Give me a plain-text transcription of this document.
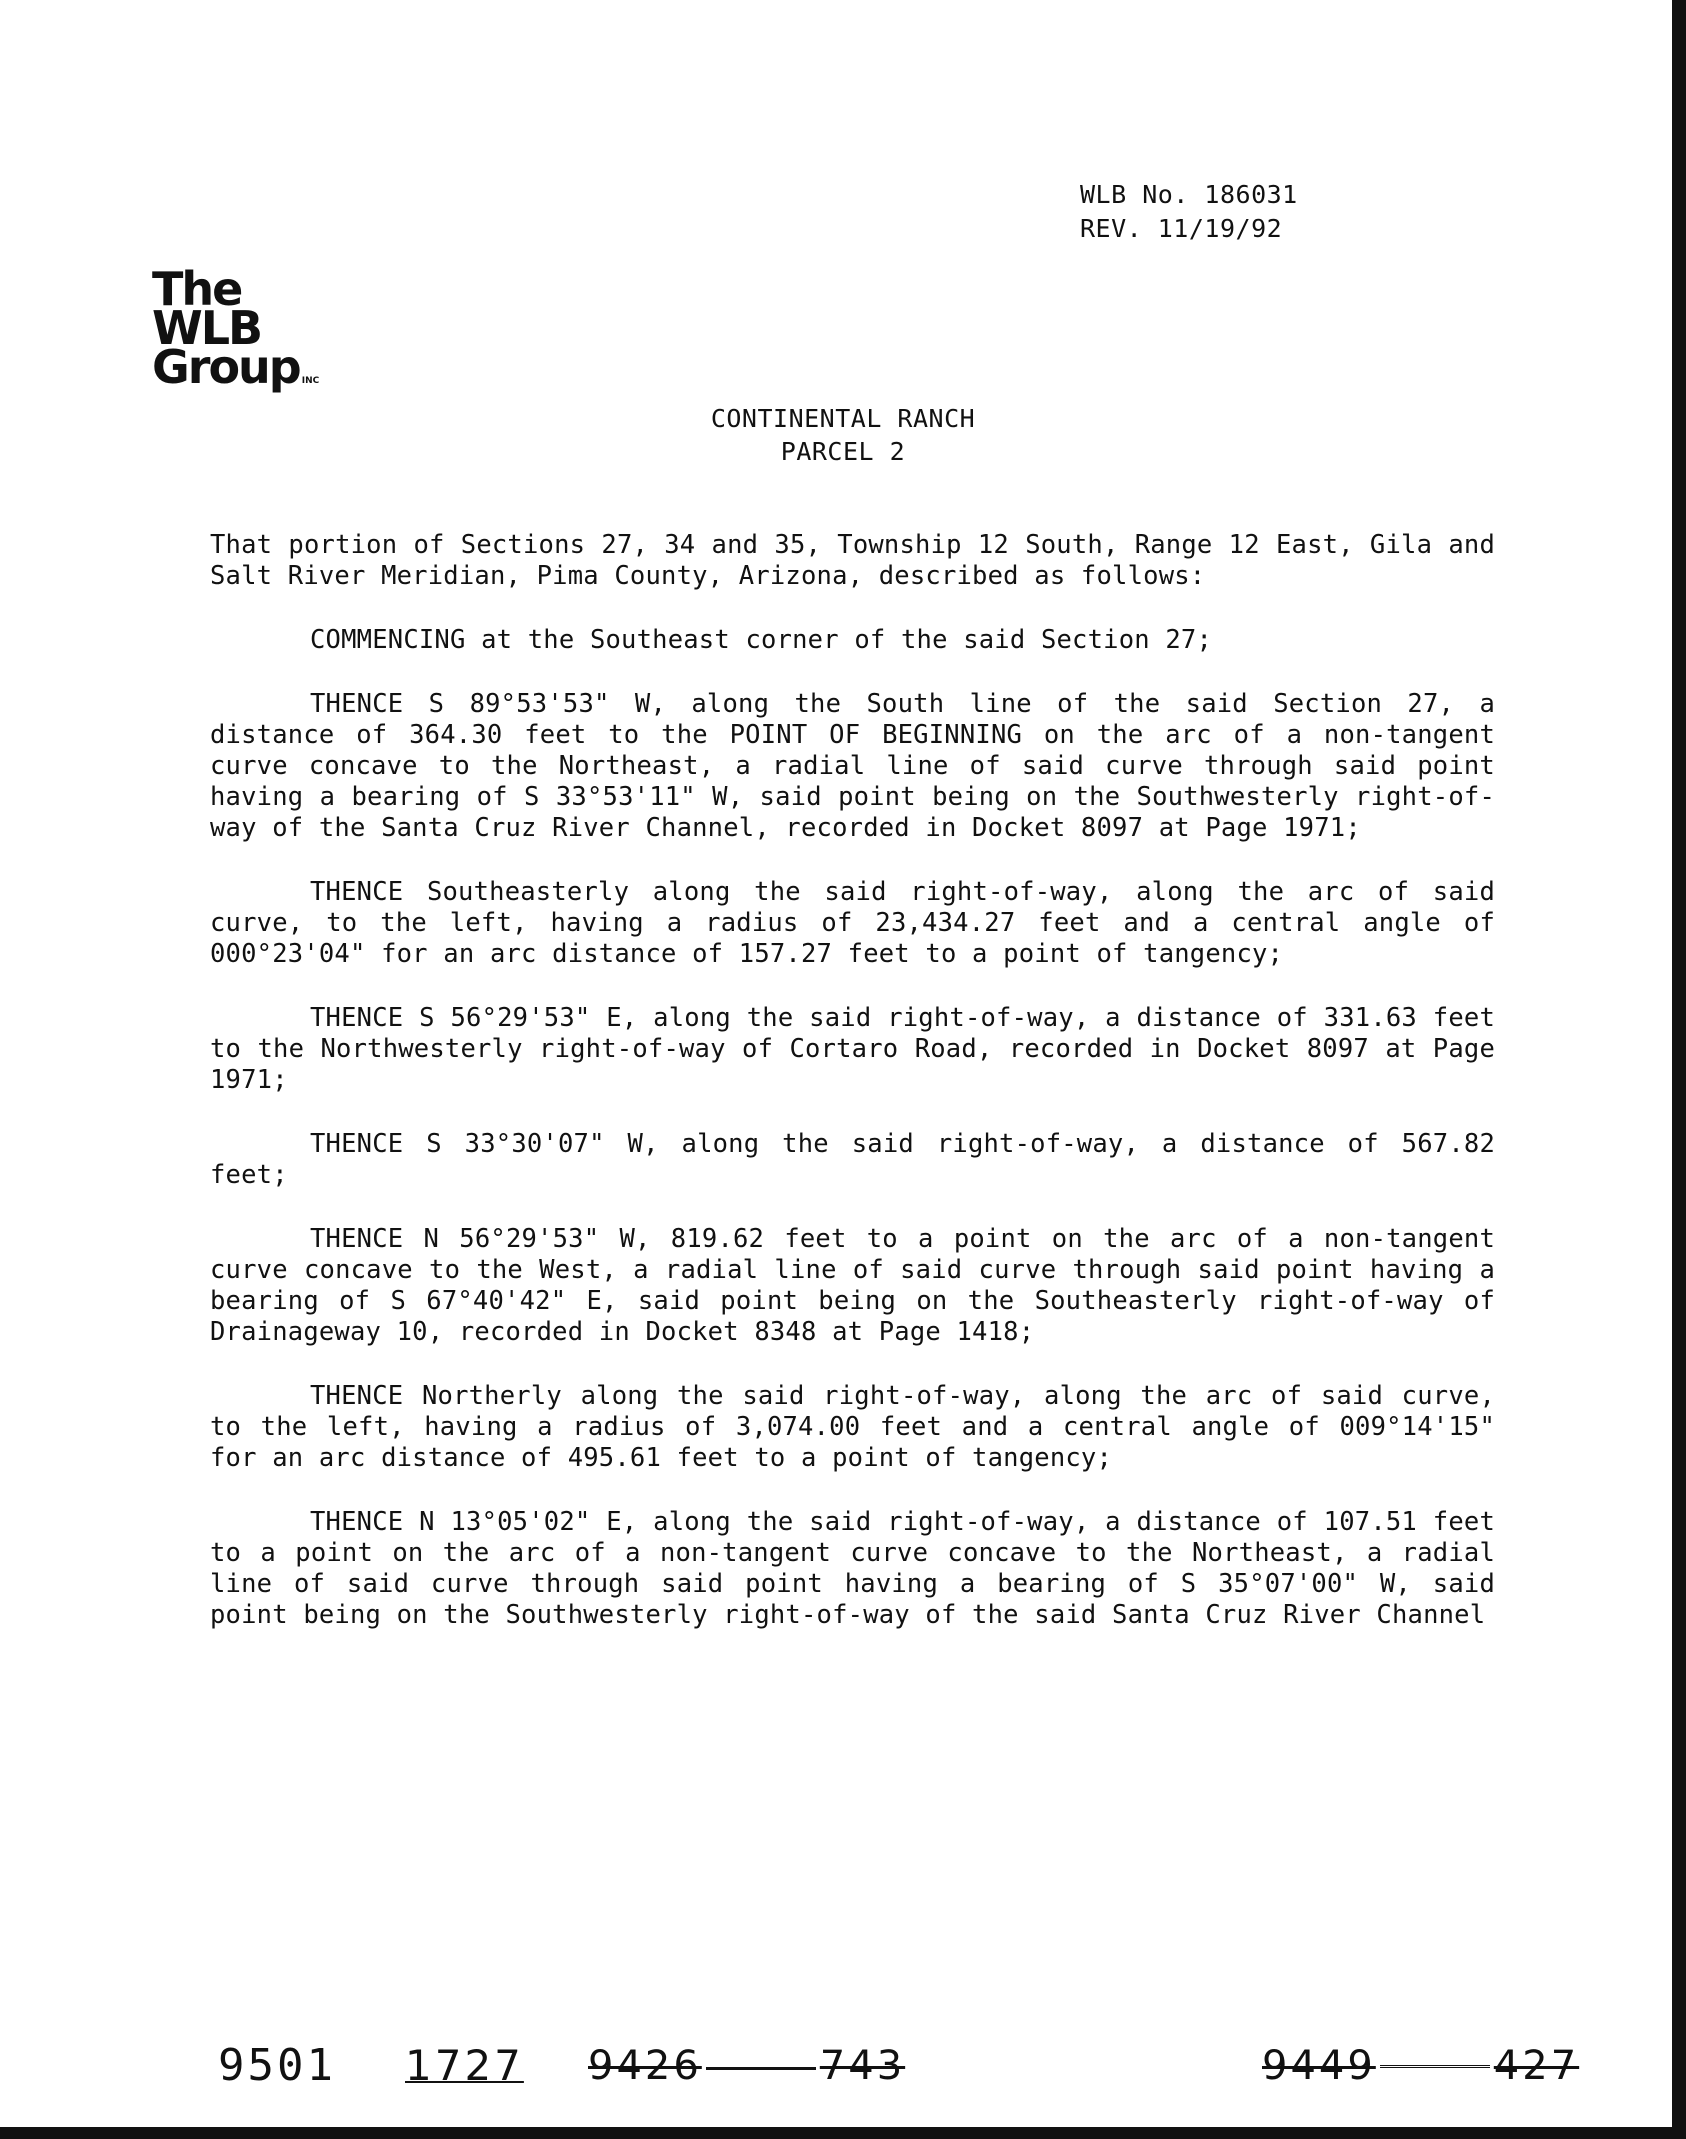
WLB No. 186031
REV. 11/19/92
The
WLB
Group INC
CONTINENTAL RANCH
PARCEL 2

That portion of Sections 27, 34 and 35, Township 12 South, Range 12 East, Gila and Salt River Meridian, Pima County, Arizona, described as follows:

COMMENCING at the Southeast corner of the said Section 27;

THENCE S 89°53'53" W, along the South line of the said Section 27, a distance of 364.30 feet to the POINT OF BEGINNING on the arc of a non-tangent curve concave to the Northeast, a radial line of said curve through said point having a bearing of S 33°53'11" W, said point being on the Southwesterly right-of-way of the Santa Cruz River Channel, recorded in Docket 8097 at Page 1971;

THENCE Southeasterly along the said right-of-way, along the arc of said curve, to the left, having a radius of 23,434.27 feet and a central angle of 000°23'04" for an arc distance of 157.27 feet to a point of tangency;

THENCE S 56°29'53" E, along the said right-of-way, a distance of 331.63 feet to the Northwesterly right-of-way of Cortaro Road, recorded in Docket 8097 at Page 1971;

THENCE S 33°30'07" W, along the said right-of-way, a distance of 567.82 feet;

THENCE N 56°29'53" W, 819.62 feet to a point on the arc of a non-tangent curve concave to the West, a radial line of said curve through said point having a bearing of S 67°40'42" E, said point being on the Southeasterly right-of-way of Drainageway 10, recorded in Docket 8348 at Page 1418;

THENCE Northerly along the said right-of-way, along the arc of said curve, to the left, having a radius of 3,074.00 feet and a central angle of 009°14'15" for an arc distance of 495.61 feet to a point of tangency;

THENCE N 13°05'02" E, along the said right-of-way, a distance of 107.51 feet to a point on the arc of a non-tangent curve concave to the Northeast, a radial line of said curve through said point having a bearing of S 35°07'00" W, said point being on the Southwesterly right-of-way of the said Santa Cruz River Channel

9501 1727 9426	743	9449	427
